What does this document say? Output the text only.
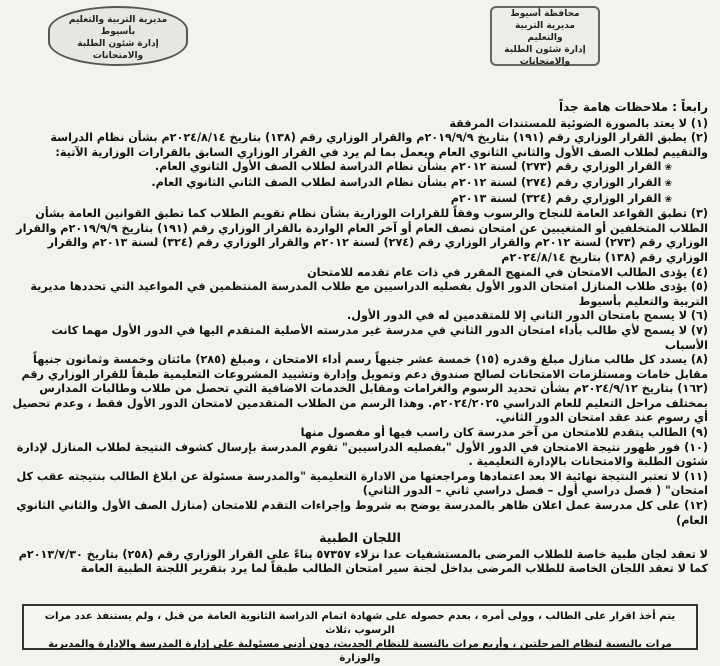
مديرية التربية والتعليم بأسيوط
إدارة شئون الطلبة والامتحانات
محافظة أسيوط
مديرية التربية والتعليم
إدارة شئون الطلبة والامتحانات
رابعاً : ملاحظات هامة جداً

(١) لا يعتد بالصورة الضوئية للمستندات المرفقة

(٢) يطبق القرار الوزاري رقم (١٩١) بتاريخ ٢٠١٩/٩/٩م والقرار الوزاري رقم (١٣٨) بتاريخ ٢٠٢٤/٨/١٤م بشأن نظام الدراسة والتقييم لطلاب الصف الأول والثاني الثانوي العام ويعمل بما لم يرد في القرار الوزاري السابق بالقرارات الوزارية الآتية:

❀ القرار الوزاري رقم (٢٧٣) لسنة ٢٠١٢م بشأن نظام الدراسة لطلاب الصف الأول الثانوي العام.

❀ القرار الوزاري رقم (٢٧٤) لسنة ٢٠١٢م بشأن نظام الدراسة لطلاب الصف الثاني الثانوي العام.

❀ القرار الوزاري رقم (٣٢٤) لسنة ٢٠١٣م

(٣) تطبق القواعد العامة للنجاح والرسوب وفقاً للقرارات الوزارية بشأن نظام تقويم الطلاب كما تطبق القوانين العامة بشأن الطلاب المتخلفين أو المتغيبين عن امتحان نصف العام أو آخر العام الواردة بالقرار الوزاري رقم (١٩١) بتاريخ ٢٠١٩/٩/٩م والقرار الوزاري رقم (٢٧٣) لسنة ٢٠١٢م والقرار الوزاري رقم (٢٧٤) لسنة ٢٠١٢م والقرار الوزاري رقم (٣٢٤) لسنة ٢٠١٣م والقرار الوزاري رقم (١٣٨) بتاريخ ٢٠٢٤/٨/١٤م

(٤) يؤدى الطالب الامتحان في المنهج المقرر في ذات عام تقدمه للامتحان

(٥) يؤدى طلاب المنازل امتحان الدور الأول بفصليه الدراسيين مع طلاب المدرسة المنتظمين في المواعيد التي تحددها مديرية التربية والتعليم بأسيوط

(٦) لا يسمح بامتحان الدور الثاني إلا للمتقدمين له في الدور الأول.

(٧) لا يسمح لأي طالب بأداء امتحان الدور الثاني في مدرسة غير مدرسته الأصلية المتقدم اليها في الدور الأول مهما كانت الأسباب

(٨) يسدد كل طالب منازل مبلغ وقدره (١٥) خمسة عشر جنيهاً رسم أداء الامتحان ، ومبلغ (٢٨٥) مائتان وخمسة وثمانون جنيهاً مقابل خامات ومستلزمات الامتحانات لصالح صندوق دعم وتمويل وإدارة وتشييد المشروعات التعليمية طبقاً للقرار الوزاري رقم (١٦٢) بتاريخ ٢٠٢٤/٩/١٢م بشأن تحديد الرسوم والغرامات ومقابل الخدمات الاضافية التي تحصل من طلاب وطالبات المدارس بمختلف مراحل التعليم للعام الدراسي ٢٠٢٤/٢٠٢٥م. وهذا الرسم من الطلاب المتقدمين لامتحان الدور الأول فقط ، وعدم تحصيل أي رسوم عند عقد امتحان الدور الثاني.

(٩) الطالب يتقدم للامتحان من آخر مدرسة كان راسب فيها أو مفصول منها

(١٠) فور ظهور نتيجة الامتحان في الدور الأول "بفصليه الدراسيين" تقوم المدرسة بإرسال كشوف النتيجة لطلاب المنازل لإدارة شئون الطلبة والامتحانات بالإدارة التعليمية .

(١١) لا تعتبر النتيجة نهائية الا بعد اعتمادها ومراجعتها من الادارة التعليمية "والمدرسة مسئولة عن ابلاغ الطالب بنتيجته عقب كل امتحان" ( فصل دراسي أول – فصل دراسي ثاني – الدور الثاني)

(١٢) على كل مدرسة عمل اعلان ظاهر بالمدرسة يوضح به شروط وإجراءات التقدم للامتحان (منازل الصف الأول والثاني الثانوي العام)

اللجان الطبية

لا تعقد لجان طبية خاصة للطلاب المرضى بالمستشفيات عدا نزلاء ٥٧٣٥٧ بناءً على القرار الوزاري رقم (٢٥٨) بتاريخ ٢٠١٣/٧/٣٠م

كما لا تعقد اللجان الخاصة للطلاب المرضى بداخل لجنة سير امتحان الطالب طبقاً لما يرد بتقرير اللجنة الطبية العامة

يتم أخذ اقرار على الطالب ، وولى أمره ، بعدم حصوله على شهادة اتمام الدراسة الثانوية العامة من قبل ، ولم يستنفذ عدد مرات الرسوب ،ثلاث
مرات بالنسبة لنظام المرحلتين ، وأربع مرات بالنسبة للنظام الحديث، دون أدنى مسئولية على إدارة المدرسة والإدارة والمديرية والوزارة
